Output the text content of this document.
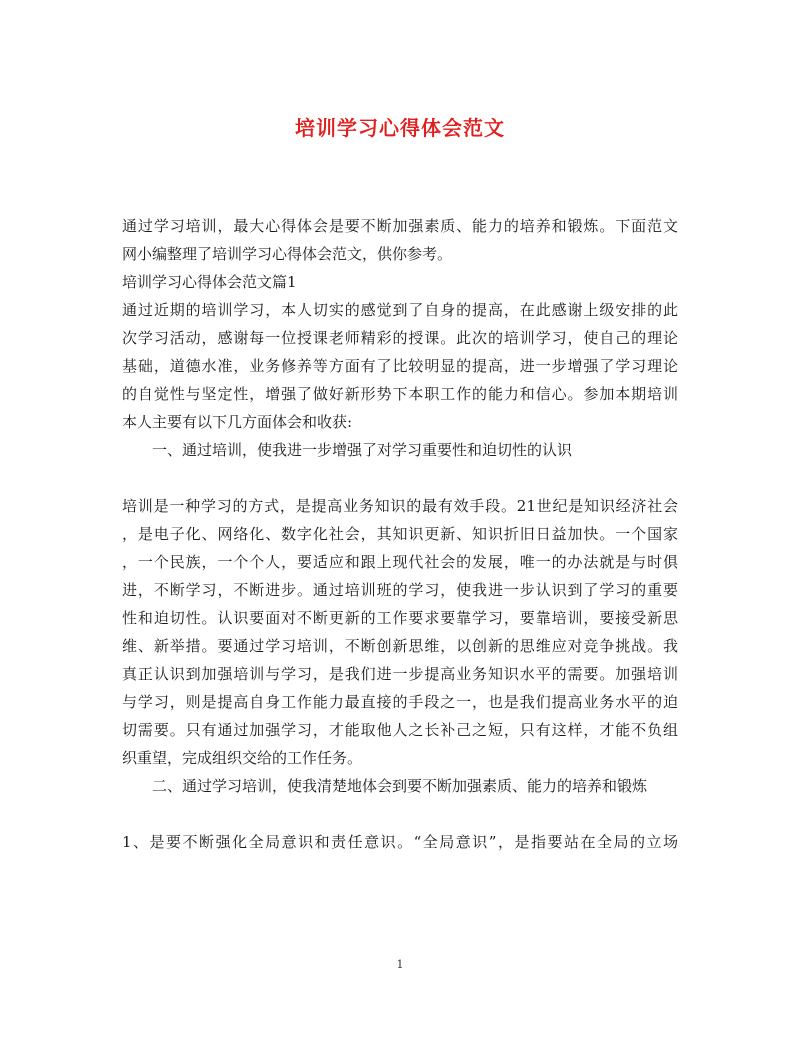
培训学习心得体会范文
通过学习培训，最大心得体会是要不断加强素质、能力的培养和锻炼。下面范文
网小编整理了培训学习心得体会范文，供你参考。
培训学习心得体会范文篇1
通过近期的培训学习，本人切实的感觉到了自身的提高，在此感谢上级安排的此
次学习活动，感谢每一位授课老师精彩的授课。此次的培训学习，使自己的理论
基础，道德水准，业务修养等方面有了比较明显的提高，进一步增强了学习理论
的自觉性与坚定性，增强了做好新形势下本职工作的能力和信心。参加本期培训
本人主要有以下几方面体会和收获:
一、通过培训，使我进一步增强了对学习重要性和迫切性的认识
培训是一种学习的方式，是提高业务知识的最有效手段。21世纪是知识经济社会
，是电子化、网络化、数字化社会，其知识更新、知识折旧日益加快。一个国家
，一个民族，一个个人，要适应和跟上现代社会的发展，唯一的办法就是与时俱
进，不断学习，不断进步。通过培训班的学习，使我进一步认识到了学习的重要
性和迫切性。认识要面对不断更新的工作要求要靠学习，要靠培训，要接受新思
维、新举措。要通过学习培训，不断创新思维，以创新的思维应对竞争挑战。我
真正认识到加强培训与学习，是我们进一步提高业务知识水平的需要。加强培训
与学习，则是提高自身工作能力最直接的手段之一，也是我们提高业务水平的迫
切需要。只有通过加强学习，才能取他人之长补己之短，只有这样，才能不负组
织重望，完成组织交给的工作任务。
二、通过学习培训，使我清楚地体会到要不断加强素质、能力的培养和锻炼
1、是要不断强化全局意识和责任意识。“全局意识”，是指要站在全局的立场
1
